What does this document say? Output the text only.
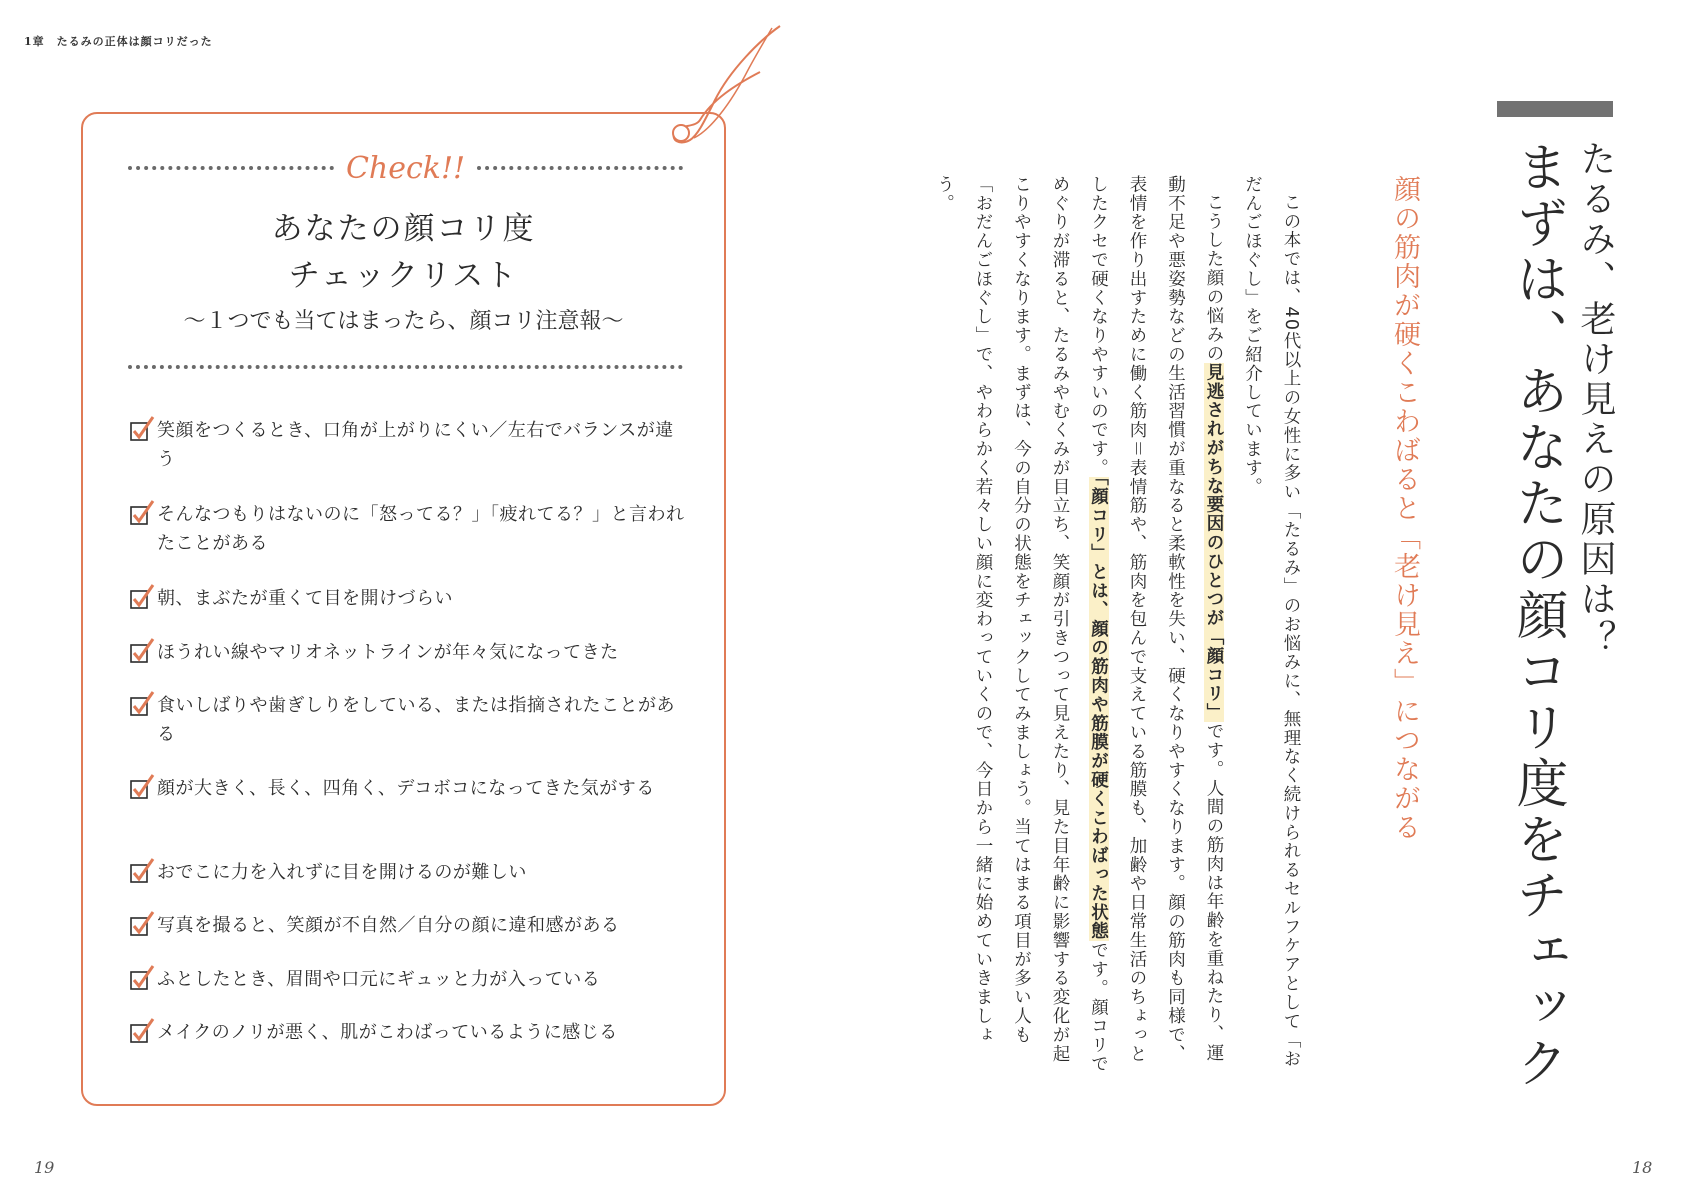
1章　たるみの正体は顔コリだった
Check!!
あなたの顔コリ度
チェックリスト
〜１つでも当てはまったら、顔コリ注意報〜
笑顔をつくるとき、口角が上がりにくい／左右でバランスが違う
そんなつもりはないのに「怒ってる？」「疲れてる？」と言われたことがある
朝、まぶたが重くて目を開けづらい
ほうれい線やマリオネットラインが年々気になってきた
食いしばりや歯ぎしりをしている、または指摘されたことがある
顔が大きく、長く、四角く、デコボコになってきた気がする
おでこに力を入れずに目を開けるのが難しい
写真を撮ると、笑顔が不自然／自分の顔に違和感がある
ふとしたとき、眉間や口元にギュッと力が入っている
メイクのノリが悪く、肌がこわばっているように感じる
19	18
たるみ、老け見えの原因は？
まずは、あなたの顔コリ度をチェック
顔の筋肉が硬くこわばると「老け見え」につながる

この本では、40代以上の女性に多い「たるみ」のお悩みに、無理なく続けられるセルフケアとして「おだんごほぐし」をご紹介しています。

こうした顔の悩みの見逃されがちな要因のひとつが「顔コリ」です。人間の筋肉は年齢を重ねたり、運動不足や悪姿勢などの生活習慣が重なると柔軟性を失い、硬くなりやすくなります。顔の筋肉も同様で、表情を作り出すために働く筋肉＝表情筋や、筋肉を包んで支えている筋膜も、加齢や日常生活のちょっとしたクセで硬くなりやすいのです。「顔コリ」とは、顔の筋肉や筋膜が硬くこわばった状態です。顔コリでめぐりが滞ると、たるみやむくみが目立ち、笑顔が引きつって見えたり、見た目年齢に影響する変化が起こりやすくなります。まずは、今の自分の状態をチェックしてみましょう。当てはまる項目が多い人も「おだんごほぐし」で、やわらかく若々しい顔に変わっていくので、今日から一緒に始めていきましょう。
